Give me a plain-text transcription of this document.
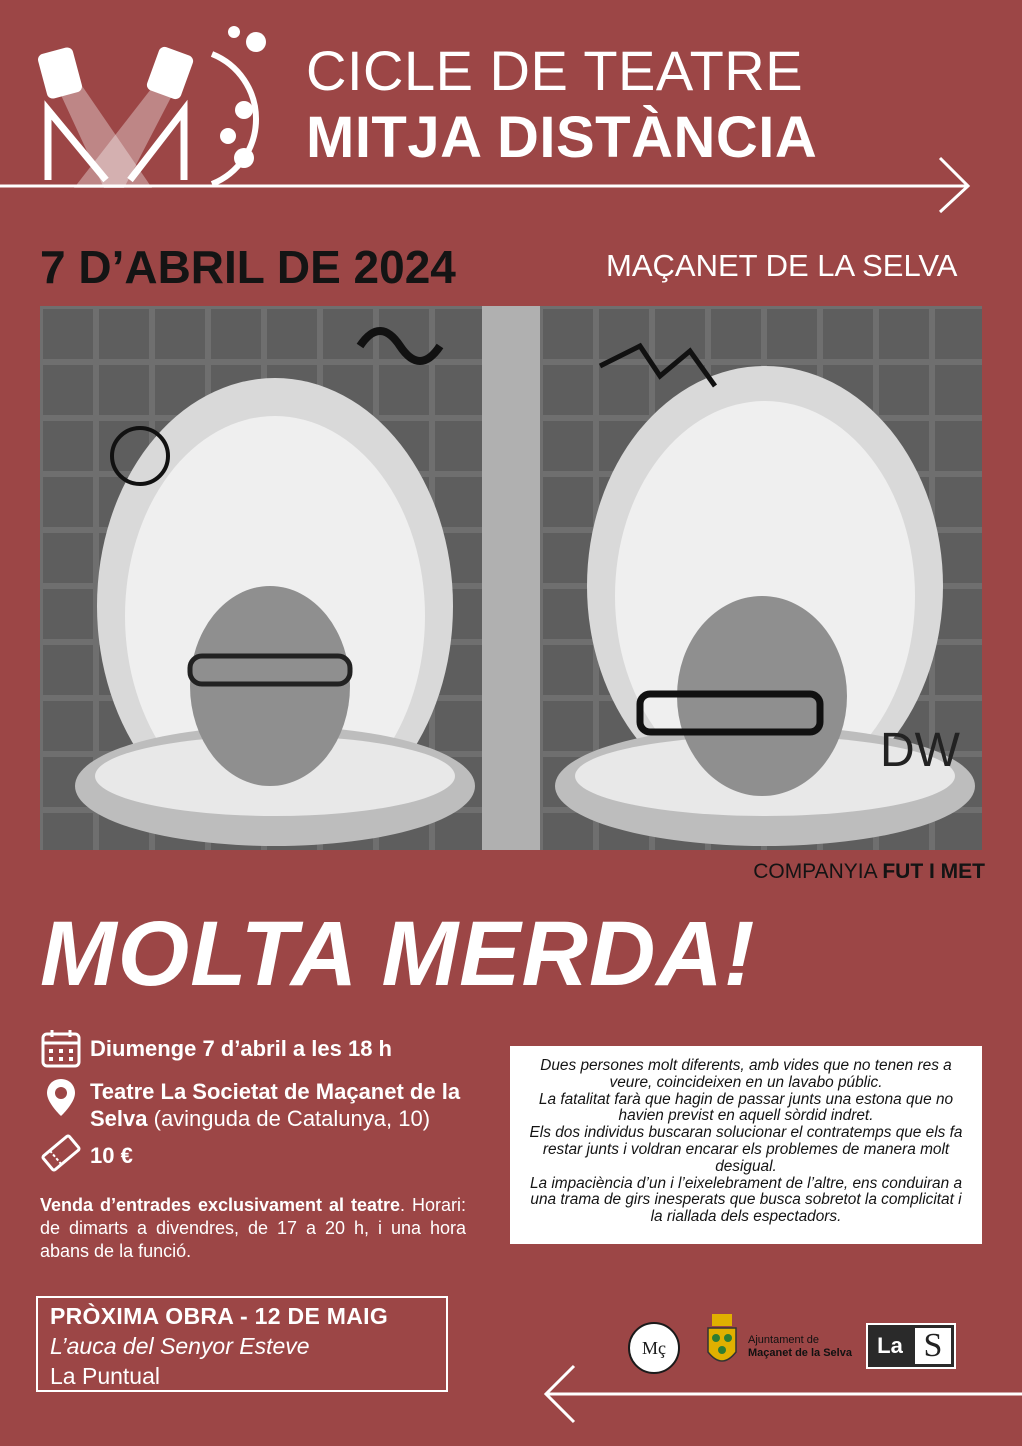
CICLE DE TEATRE
MITJA DISTÀNCIA
7 D’ABRIL DE 2024	MAÇANET DE LA SELVA
DW
COMPANYIA FUT I MET
MOLTA MERDA!
Diumenge 7 d’abril a les 18 h
Teatre La Societat de Maçanet de la Selva (avinguda de Catalunya, 10)
10 €
Venda d’entrades exclusivament al teatre. Horari: de dimarts a divendres, de 17 a 20 h, i una hora abans de la funció.

Dues persones molt diferents, amb vides que no tenen res a veure, coincideixen en un lavabo públic.

La fatalitat farà que hagin de passar junts una estona que no havien previst en aquell sòrdid indret.

Els dos individus buscaran solucionar el contratemps que els fa restar junts i voldran encarar els problemes de manera molt desigual.

La impaciència d’un i l’eixelebrament de l’altre, ens conduiran a una trama de girs inesperats que busca sobretot la complicitat i la riallada dels espectadors.

PRÒXIMA OBRA - 12 DE MAIG
L’auca del Senyor Esteve
La Puntual
Mç	Ajuntament de
Maçanet de la Selva	La S
